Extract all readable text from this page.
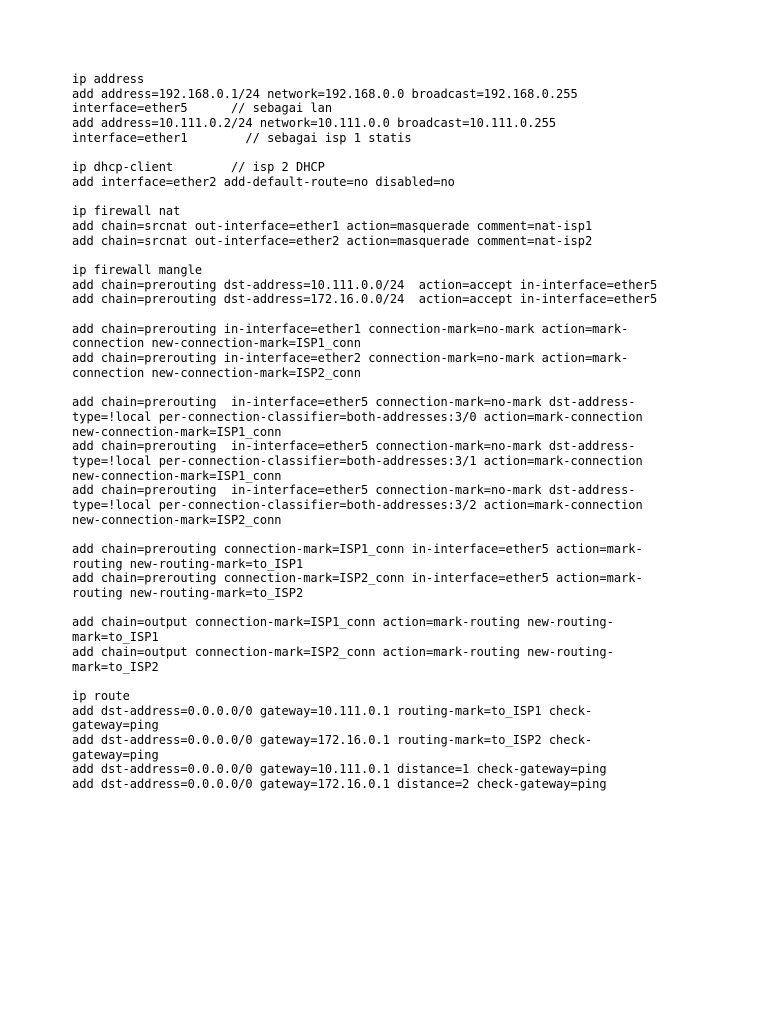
ip address
add address=192.168.0.1/24 network=192.168.0.0 broadcast=192.168.0.255
interface=ether5      // sebagai lan
add address=10.111.0.2/24 network=10.111.0.0 broadcast=10.111.0.255
interface=ether1        // sebagai isp 1 statis
ip dhcp-client        // isp 2 DHCP
add interface=ether2 add-default-route=no disabled=no
ip firewall nat
add chain=srcnat out-interface=ether1 action=masquerade comment=nat-isp1
add chain=srcnat out-interface=ether2 action=masquerade comment=nat-isp2
ip firewall mangle
add chain=prerouting dst-address=10.111.0.0/24  action=accept in-interface=ether5
add chain=prerouting dst-address=172.16.0.0/24  action=accept in-interface=ether5
add chain=prerouting in-interface=ether1 connection-mark=no-mark action=mark-
connection new-connection-mark=ISP1_conn
add chain=prerouting in-interface=ether2 connection-mark=no-mark action=mark-
connection new-connection-mark=ISP2_conn
add chain=prerouting  in-interface=ether5 connection-mark=no-mark dst-address-
type=!local per-connection-classifier=both-addresses:3/0 action=mark-connection
new-connection-mark=ISP1_conn
add chain=prerouting  in-interface=ether5 connection-mark=no-mark dst-address-
type=!local per-connection-classifier=both-addresses:3/1 action=mark-connection
new-connection-mark=ISP1_conn
add chain=prerouting  in-interface=ether5 connection-mark=no-mark dst-address-
type=!local per-connection-classifier=both-addresses:3/2 action=mark-connection
new-connection-mark=ISP2_conn
add chain=prerouting connection-mark=ISP1_conn in-interface=ether5 action=mark-
routing new-routing-mark=to_ISP1
add chain=prerouting connection-mark=ISP2_conn in-interface=ether5 action=mark-
routing new-routing-mark=to_ISP2
add chain=output connection-mark=ISP1_conn action=mark-routing new-routing-
mark=to_ISP1
add chain=output connection-mark=ISP2_conn action=mark-routing new-routing-
mark=to_ISP2
ip route
add dst-address=0.0.0.0/0 gateway=10.111.0.1 routing-mark=to_ISP1 check-
gateway=ping
add dst-address=0.0.0.0/0 gateway=172.16.0.1 routing-mark=to_ISP2 check-
gateway=ping
add dst-address=0.0.0.0/0 gateway=10.111.0.1 distance=1 check-gateway=ping
add dst-address=0.0.0.0/0 gateway=172.16.0.1 distance=2 check-gateway=ping
